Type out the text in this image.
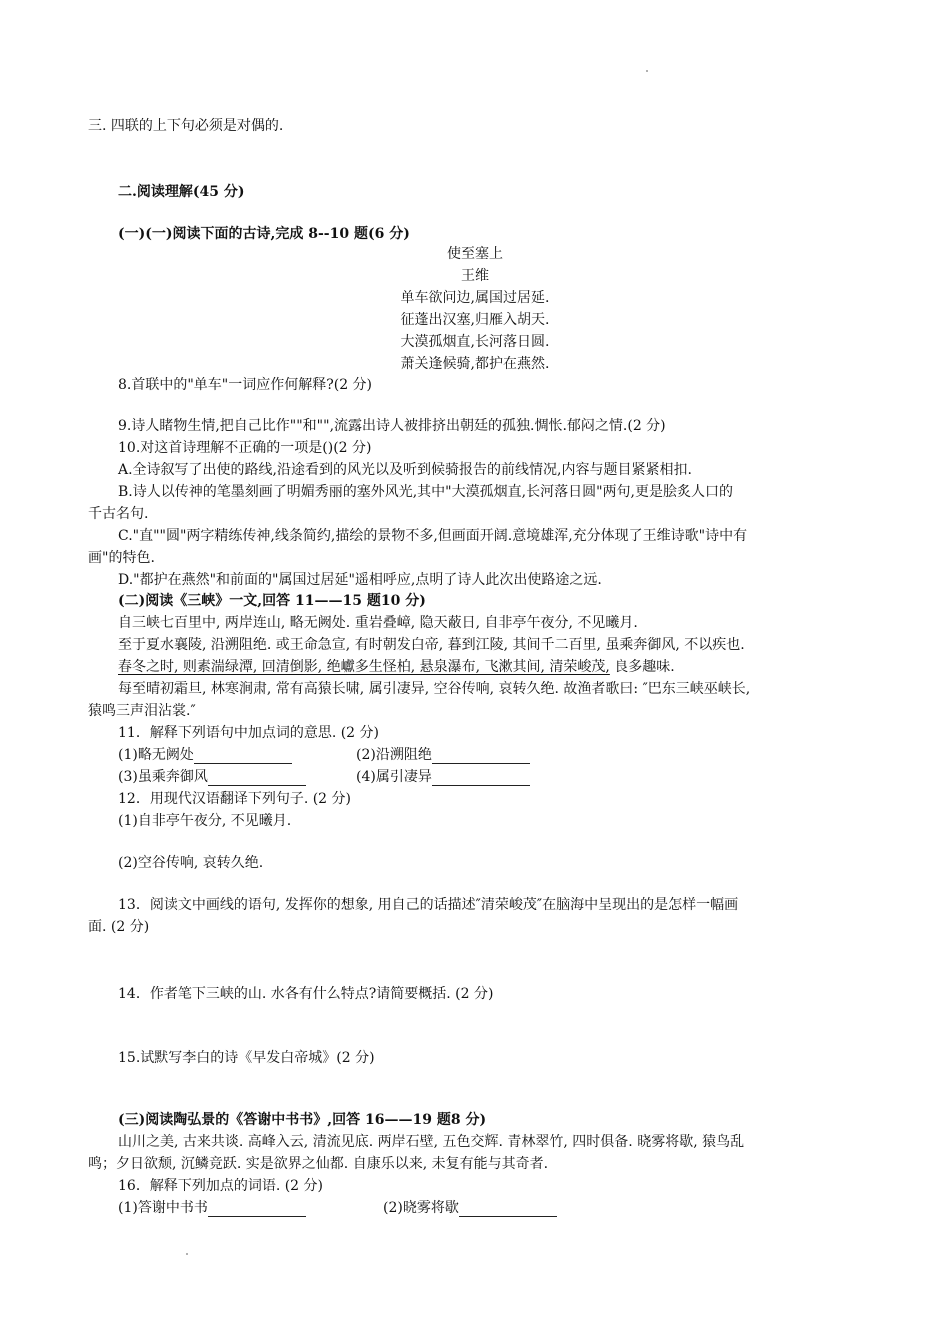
三. 四联的上下句必须是对偶的.
二.阅读理解(45 分)
(一)(一)阅读下面的古诗,完成 8--10 题(6 分)
使至塞上
王维
单车欲问边,属国过居延.
征蓬出汉塞,归雁入胡天.
大漠孤烟直,长河落日圆.
萧关逢候骑,都护在燕然.
8.首联中的"单车"一词应作何解释?(2 分)
9.诗人睹物生情,把自己比作""和"",流露出诗人被排挤出朝廷的孤独.惆怅.郁闷之情.(2 分)
10.对这首诗理解不正确的一项是()(2 分)
A.全诗叙写了出使的路线,沿途看到的风光以及听到候骑报告的前线情况,内容与题目紧紧相扣.
B.诗人以传神的笔墨刻画了明媚秀丽的塞外风光,其中"大漠孤烟直,长河落日圆"两句,更是脍炙人口的
千古名句.
C."直""圆"两字精练传神,线条简约,描绘的景物不多,但画面开阔.意境雄浑,充分体现了王维诗歌"诗中有
画"的特色.
D."都护在燕然"和前面的"属国过居延"遥相呼应,点明了诗人此次出使路途之远.
(二)阅读《三峡》一文,回答 11——15 题10 分)
自三峡七百里中, 两岸连山, 略无阙处. 重岩叠嶂, 隐天蔽日, 自非亭午夜分, 不见曦月.
至于夏水襄陵, 沿溯阻绝. 或王命急宣, 有时朝发白帝, 暮到江陵, 其间千二百里, 虽乘奔御风, 不以疾也.
春冬之时, 则素湍绿潭, 回清倒影, 绝巘多生怪柏, 悬泉瀑布, 飞漱其间, 清荣峻茂, 良多趣味.
每至晴初霜旦, 林寒涧肃, 常有高猿长啸, 属引凄异, 空谷传响, 哀转久绝. 故渔者歌曰: ″巴东三峡巫峡长,
猿鸣三声泪沾裳.″
11．解释下列语句中加点词的意思. (2 分)
(1)略无阙处	(2)沿溯阻绝
(3)虽乘奔御风	(4)属引凄异
12．用现代汉语翻译下列句子. (2 分)
(1)自非亭午夜分, 不见曦月.
(2)空谷传响, 哀转久绝.
13．阅读文中画线的语句, 发挥你的想象, 用自己的话描述″清荣峻茂″在脑海中呈现出的是怎样一幅画
面. (2 分)
14．作者笔下三峡的山. 水各有什么特点?请简要概括. (2 分)
15.试默写李白的诗《早发白帝城》(2 分)
(三)阅读陶弘景的《答谢中书书》,回答 16——19 题8 分)
山川之美, 古来共谈. 高峰入云, 清流见底. 两岸石壁, 五色交辉. 青林翠竹, 四时俱备. 晓雾将歇, 猿鸟乱
鸣；夕日欲颓, 沉鳞竞跃. 实是欲界之仙都. 自康乐以来, 未复有能与其奇者.
16．解释下列加点的词语. (2 分)
(1)答谢中书书	(2)晓雾将歇
